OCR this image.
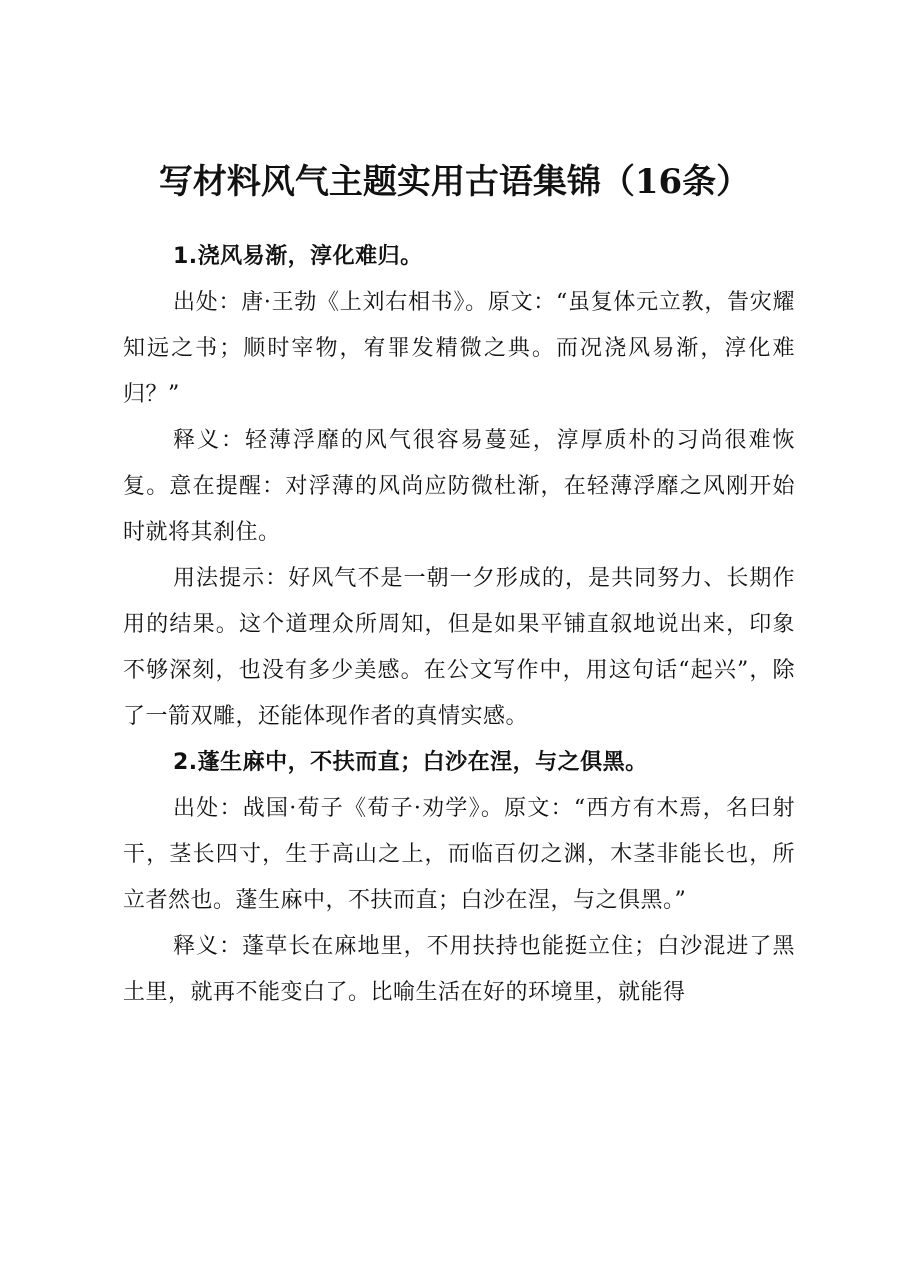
写材料风气主题实用古语集锦（16条）

1.浇风易渐，淳化难归。

出处：唐·王勃《上刘右相书》。原文：“虽复体元立教，眚灾耀知远之书；顺时宰物，宥罪发精微之典。而况浇风易渐，淳化难归？”

释义：轻薄浮靡的风气很容易蔓延，淳厚质朴的习尚很难恢复。意在提醒：对浮薄的风尚应防微杜渐，在轻薄浮靡之风刚开始时就将其刹住。

用法提示：好风气不是一朝一夕形成的，是共同努力、长期作用的结果。这个道理众所周知，但是如果平铺直叙地说出来，印象不够深刻，也没有多少美感。在公文写作中，用这句话“起兴”，除了一箭双雕，还能体现作者的真情实感。

2.蓬生麻中，不扶而直；白沙在涅，与之俱黑。

出处：战国·荀子《荀子·劝学》。原文：“西方有木焉，名曰射干，茎长四寸，生于高山之上，而临百仞之渊，木茎非能长也，所立者然也。蓬生麻中，不扶而直；白沙在涅，与之俱黑。”

释义：蓬草长在麻地里，不用扶持也能挺立住；白沙混进了黑土里，就再不能变白了。比喻生活在好的环境里，就能得
